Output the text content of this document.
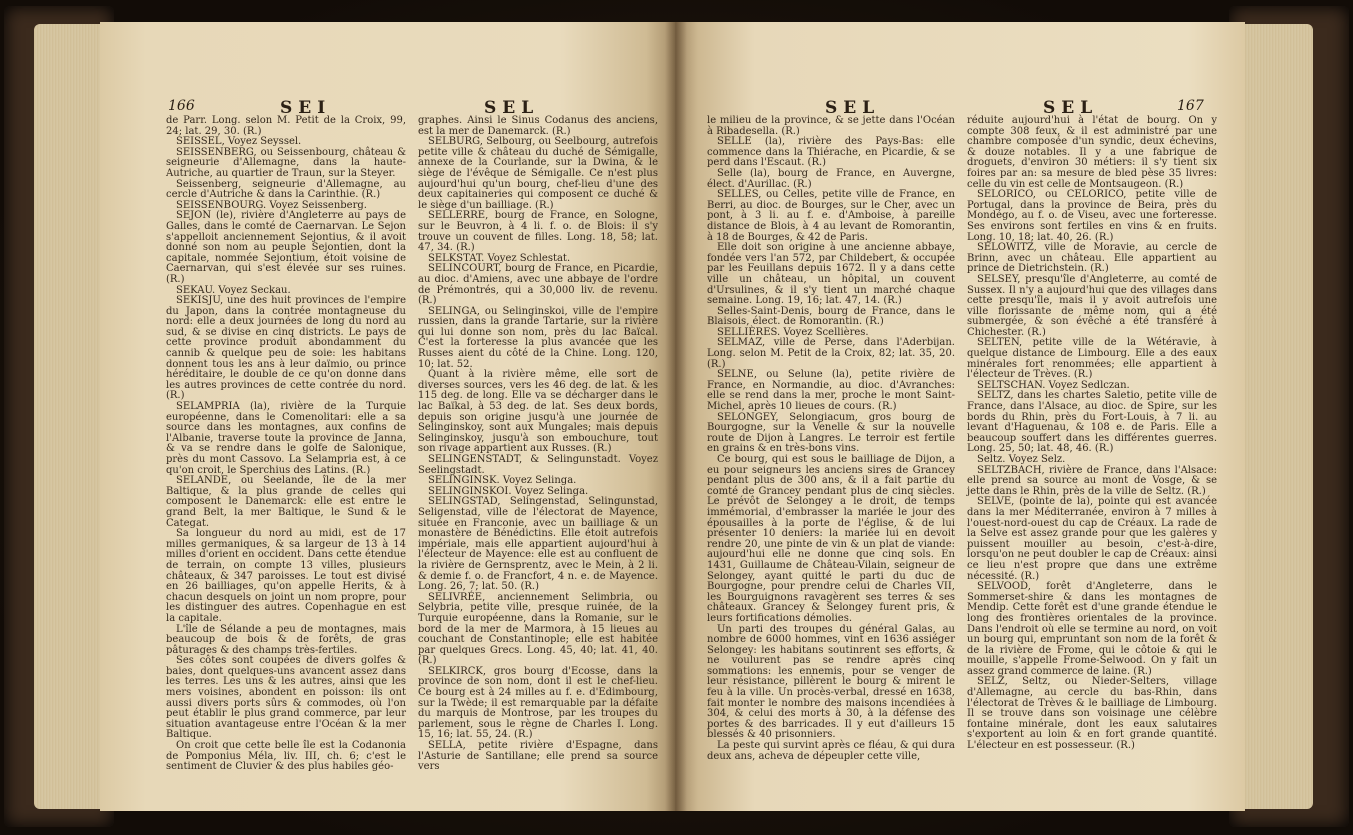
166	SEI	SEL

de Parr. Long. selon M. Petit de la Croix, 99, 24; lat. 29, 30. (R.)

SEISSEL, Voyez Seyssel.

SEISSENBERG, ou Seissenbourg, château & seigneurie d'Allemagne, dans la haute-Autriche, au quartier de Traun, sur la Steyer.

Seissenberg, seigneurie d'Allemagne, au cercle d'Autriche & dans la Carinthie. (R.)

SEISSENBOURG. Voyez Seissenberg.

SEJON (le), rivière d'Angleterre au pays de Galles, dans le comté de Caernarvan. Le Sejon s'appelloit anciennement Sejontius, & il avoit donné son nom au peuple Sejontien, dont la capitale, nommée Sejontium, étoit voisine de Caernarvan, qui s'est élevée sur ses ruines. (R.)

SEKAU. Voyez Seckau.

SEKISJU, une des huit provinces de l'empire du Japon, dans la contrée montagneuse du nord: elle a deux journées de long du nord au sud, & se divise en cinq districts. Le pays de cette province produit abondamment du cannib & quelque peu de soie: les habitans donnent tous les ans à leur daïmio, ou prince héréditaire, le double de ce qu'on donne dans les autres provinces de cette contrée du nord. (R.)

SELAMPRIA (la), rivière de la Turquie européenne, dans le Comenolitari: elle a sa source dans les montagnes, aux confins de l'Albanie, traverse toute la province de Janna, & va se rendre dans le golfe de Salonique, près du mont Cassovo. La Selampria est, à ce qu'on croit, le Sperchius des Latins. (R.)

SELANDE, ou Seelande, île de la mer Baltique, & la plus grande de celles qui composent le Danemarck: elle est entre le grand Belt, la mer Baltique, le Sund & le Categat.

Sa longueur du nord au midi, est de 17 milles germaniques, & sa largeur de 13 à 14 milles d'orient en occident. Dans cette étendue de terrain, on compte 13 villes, plusieurs châteaux, & 347 paroisses. Le tout est divisé en 26 bailliages, qu'on appelle Herits, & à chacun desquels on joint un nom propre, pour les distinguer des autres. Copenhague en est la capitale.

L'île de Sélande a peu de montagnes, mais beaucoup de bois & de forêts, de gras pâturages & des champs très-fertiles.

Ses côtes sont coupées de divers golfes & baies, dont quelques-uns avancent assez dans les terres. Les uns & les autres, ainsi que les mers voisines, abondent en poisson: ils ont aussi divers ports sûrs & commodes, où l'on peut établir le plus grand commerce, par leur situation avantageuse entre l'Océan & la mer Baltique.

On croit que cette belle île est la Codanonia de Pomponius Méla, liv. III, ch. 6; c'est le sentiment de Cluvier & des plus habiles géo-

graphes. Ainsi le Sinus Codanus des anciens, est la mer de Danemarck. (R.)

SELBURG, Selbourg, ou Seelbourg, autrefois petite ville & château du duché de Sémigalle, annexe de la Courlande, sur la Dwina, & le siège de l'évêque de Sémigalle. Ce n'est plus aujourd'hui qu'un bourg, chef-lieu d'une des deux capitaineries qui composent ce duché & le siège d'un bailliage. (R.)

SELLERRE, bourg de France, en Sologne, sur le Beuvron, à 4 li. f. o. de Blois: il s'y trouve un couvent de filles. Long. 18, 58; lat. 47, 34. (R.)

SELKSTAT. Voyez Schlestat.

SELINCOURT, bourg de France, en Picardie, au dioc. d'Amiens, avec une abbaye de l'ordre de Prémontrés, qui a 30,000 liv. de revenu. (R.)

SELINGA, ou Selinginskoi, ville de l'empire russien, dans la grande Tartarie, sur la rivière qui lui donne son nom, près du lac Baïcal. C'est la forteresse la plus avancée que les Russes aient du côté de la Chine. Long. 120, 10; lat. 52.

Quant à la rivière même, elle sort de diverses sources, vers les 46 deg. de lat. & les 115 deg. de long. Elle va se décharger dans le lac Baïkal, à 53 deg. de lat. Ses deux bords, depuis son origine jusqu'à une journée de Selinginskoy, sont aux Mungales; mais depuis Selinginskoy, jusqu'à son embouchure, tout son rivage appartient aux Russes. (R.)

SELINGENSTADT, & Selingunstadt. Voyez Seelingstadt.

SELINGINSK. Voyez Selinga.

SELINGINSKOI. Voyez Selinga.

SELINGSTAD, Selingenstad, Selingunstad, Seligenstad, ville de l'électorat de Mayence, située en Franconie, avec un bailliage & un monastère de Bénédictins. Elle étoit autrefois impériale, mais elle appartient aujourd'hui à l'électeur de Mayence: elle est au confluent de la rivière de Gernsprentz, avec le Mein, à 2 li. & demie f. o. de Francfort, 4 n. e. de Mayence. Long. 26, 7; lat. 50. (R.)

SELIVRÉE, anciennement Selimbria, ou Selybria, petite ville, presque ruinée, de la Turquie européenne, dans la Romanie, sur le bord de la mer de Marmora, à 15 lieues au couchant de Constantinople; elle est habitée par quelques Grecs. Long. 45, 40; lat. 41, 40. (R.)

SELKIRCK, gros bourg d'Ecosse, dans la province de son nom, dont il est le chef-lieu. Ce bourg est à 24 milles au f. e. d'Edimbourg, sur la Twède; il est remarquable par la défaite du marquis de Montrose, par les troupes du parlement, sous le règne de Charles I. Long. 15, 16; lat. 55, 24. (R.)

SELLA, petite rivière d'Espagne, dans l'Asturie de Santillane; elle prend sa source vers

SEL	SEL	167

le milieu de la province, & se jette dans l'Océan à Ribadesella. (R.)

SELLE (la), rivière des Pays-Bas: elle commence dans la Thiérache, en Picardie, & se perd dans l'Escaut. (R.)

Selle (la), bourg de France, en Auvergne, élect. d'Aurillac. (R.)

SELLES, ou Celles, petite ville de France, en Berri, au dioc. de Bourges, sur le Cher, avec un pont, à 3 li. au f. e. d'Amboise, à pareille distance de Blois, à 4 au levant de Romorantin, à 18 de Bourges, & 42 de Paris.

Elle doit son origine à une ancienne abbaye, fondée vers l'an 572, par Childebert, & occupée par les Feuillans depuis 1672. Il y a dans cette ville un château, un hôpital, un couvent d'Ursulines, & il s'y tient un marché chaque semaine. Long. 19, 16; lat. 47, 14. (R.)

Selles-Saint-Denis, bourg de France, dans le Blaisois, élect. de Romorantin. (R.)

SELLIÈRES. Voyez Scellières.

SELMAZ, ville de Perse, dans l'Aderbijan. Long. selon M. Petit de la Croix, 82; lat. 35, 20. (R.)

SELNE, ou Selune (la), petite rivière de France, en Normandie, au dioc. d'Avranches: elle se rend dans la mer, proche le mont Saint-Michel, après 10 lieues de cours. (R.)

SELONGEY, Selongiacum, gros bourg de Bourgogne, sur la Venelle & sur la nouvelle route de Dijon à Langres. Le terroir est fertile en grains & en très-bons vins.

Ce bourg, qui est sous le bailliage de Dijon, a eu pour seigneurs les anciens sires de Grancey pendant plus de 300 ans, & il a fait partie du comté de Grancey pendant plus de cinq siècles. Le prévôt de Selongey a le droit, de temps immémorial, d'embrasser la mariée le jour des épousailles à la porte de l'église, & de lui présenter 10 deniers: la mariée lui en devoit rendre 20, une pinte de vin & un plat de viande: aujourd'hui elle ne donne que cinq sols. En 1431, Guillaume de Château-Vilain, seigneur de Selongey, ayant quitté le parti du duc de Bourgogne, pour prendre celui de Charles VII, les Bourguignons ravagèrent ses terres & ses châteaux. Grancey & Selongey furent pris, & leurs fortifications démolies.

Un parti des troupes du général Galas, au nombre de 6000 hommes, vint en 1636 assiéger Selongey: les habitans soutinrent ses efforts, & ne voulurent pas se rendre après cinq sommations: les ennemis, pour se venger de leur résistance, pillèrent le bourg & mirent le feu à la ville. Un procès-verbal, dressé en 1638, fait monter le nombre des maisons incendiées à 304, & celui des morts à 30, à la défense des portes & des barricades. Il y eut d'ailleurs 15 blessés & 40 prisonniers.

La peste qui survint après ce fléau, & qui dura deux ans, acheva de dépeupler cette ville,

réduite aujourd'hui à l'état de bourg. On y compte 308 feux, & il est administré par une chambre composée d'un syndic, deux échevins, & douze notables. Il y a une fabrique de droguets, d'environ 30 métiers: il s'y tient six foires par an: sa mesure de bled pèse 35 livres: celle du vin est celle de Montsaugeon. (R.)

SELORICO, ou CELORICO, petite ville de Portugal, dans la province de Beira, près du Mondégo, au f. o. de Viseu, avec une forteresse. Ses environs sont fertiles en vins & en fruits. Long. 10, 18; lat. 40, 26. (R.)

SELOWITZ, ville de Moravie, au cercle de Brinn, avec un château. Elle appartient au prince de Dietrichstein. (R.)

SELSEY, presqu'île d'Angleterre, au comté de Sussex. Il n'y a aujourd'hui que des villages dans cette presqu'île, mais il y avoit autrefois une ville florissante de même nom, qui a été submergée, & son évêché a été transféré à Chichester. (R.)

SELTEN, petite ville de la Wétéravie, à quelque distance de Limbourg. Elle a des eaux minérales fort renommées; elle appartient à l'électeur de Trèves. (R.)

SELTSCHAN. Voyez Sedlczan.

SELTZ, dans les chartes Saletio, petite ville de France, dans l'Alsace, au dioc. de Spire, sur les bords du Rhin, près du Fort-Louis, à 7 li. au levant d'Haguenau, & 108 e. de Paris. Elle a beaucoup souffert dans les différentes guerres. Long. 25, 50; lat. 48, 46. (R.)

Seltz. Voyez Selz.

SELTZBACH, rivière de France, dans l'Alsace: elle prend sa source au mont de Vosge, & se jette dans le Rhin, près de la ville de Seltz. (R.)

SELVE, (pointe de la), pointe qui est avancée dans la mer Méditerranée, environ à 7 milles à l'ouest-nord-ouest du cap de Créaux. La rade de la Selve est assez grande pour que les galères y puissent mouiller au besoin, c'est-à-dire, lorsqu'on ne peut doubler le cap de Créaux: ainsi ce lieu n'est propre que dans une extrême nécessité. (R.)

SELVOOD, forêt d'Angleterre, dans le Sommerset-shire & dans les montagnes de Mendip. Cette forêt est d'une grande étendue le long des frontières orientales de la province. Dans l'endroit où elle se termine au nord, on voit un bourg qui, empruntant son nom de la forêt & de la rivière de Frome, qui le côtoie & qui le mouille, s'appelle Frome-Selwood. On y fait un assez grand commerce de laine. (R.)

SELZ, Seltz, ou Nieder-Selters, village d'Allemagne, au cercle du bas-Rhin, dans l'électorat de Trèves & le bailliage de Limbourg. Il se trouve dans son voisinage une célèbre fontaine minérale, dont les eaux salutaires s'exportent au loin & en fort grande quantité. L'électeur en est possesseur. (R.)
